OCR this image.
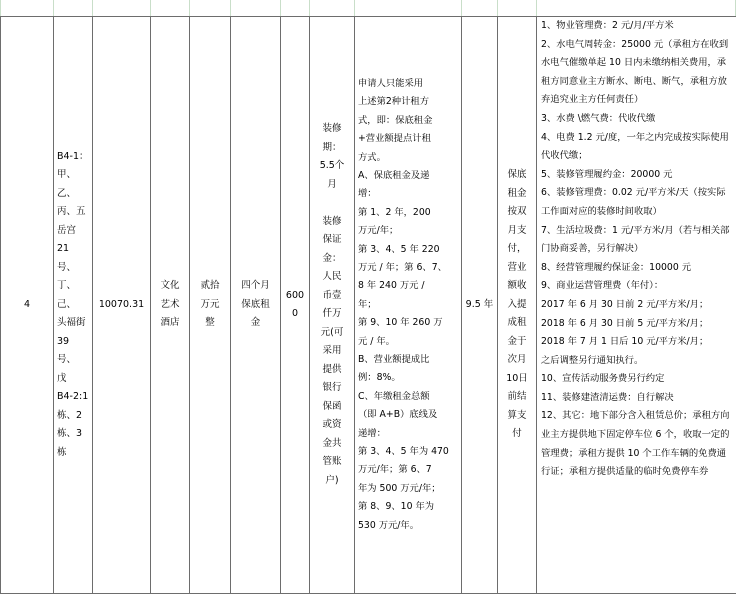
4

B4-1：
甲、乙、
丙、五
岳宫
21 号、
丁、己、
头福街
39 号、
戊
B4-2:1
栋、2
栋、3
栋

10070.31

文化
艺术
酒店

贰拾
万元
整

四个月
保底租
金

6000

装修
期：
5.5个
月

装修
保证
金：
人民
币壹
仟万
元(可
采用
提供
银行
保函
或资
金共
管账
户)

申请人只能采用
上述第2种计租方
式，即：保底租金
+营业额提点计租
方式。
A、保底租金及递
增：
第 1、2 年，200
万元/年；
第 3、4、5 年 220
万元 / 年；第 6、7、
8 年 240 万元 /
年；
第 9、10 年 260 万
元 / 年。
B、营业额提成比
例：8%。
C、年缴租金总额
（即 A+B）底线及
递增：
第 3、4、5 年为 470
万元/年；第 6、7
年为 500 万元/年；
第 8、9、10 年为
530 万元/年。

9.5 年

保底
租金
按双
月支
付，
营业
额收
入提
成租
金于
次月
10日
前结
算支
付

1、物业管理费：2 元/月/平方米
2、水电气周转金：25000 元（承租方在收到水电气催缴单起 10 日内未缴纳相关费用，承租方同意业主方断水、断电、断气，承租方放弃追究业主方任何责任）
3、水费 \燃气费：代收代缴
4、电费 1.2 元/度，一年之内完成按实际使用代收代缴；
5、装修管理履约金：20000 元
6、装修管理费：0.02 元/平方米/天（按实际工作面对应的装修时间收取）
7、生活垃圾费：1 元/平方米/月（若与相关部门协商妥善，另行解决）
8、经营管理履约保证金：10000 元
9、商业运营管理费（年付）：
2017 年 6 月 30 日前 2 元/平方米/月；
2018 年 6 月 30 日前 5 元/平方米/月；
2018 年 7 月 1 日后 10 元/平方米/月；
之后调整另行通知执行。
10、宣传活动服务费另行约定
11、装修建渣清运费：自行解决
12、其它：地下部分含入租赁总价；承租方向业主方提供地下固定停车位 6 个，收取一定的管理费；承租方提供 10 个工作车辆的免费通行证；承租方提供适量的临时免费停车券
